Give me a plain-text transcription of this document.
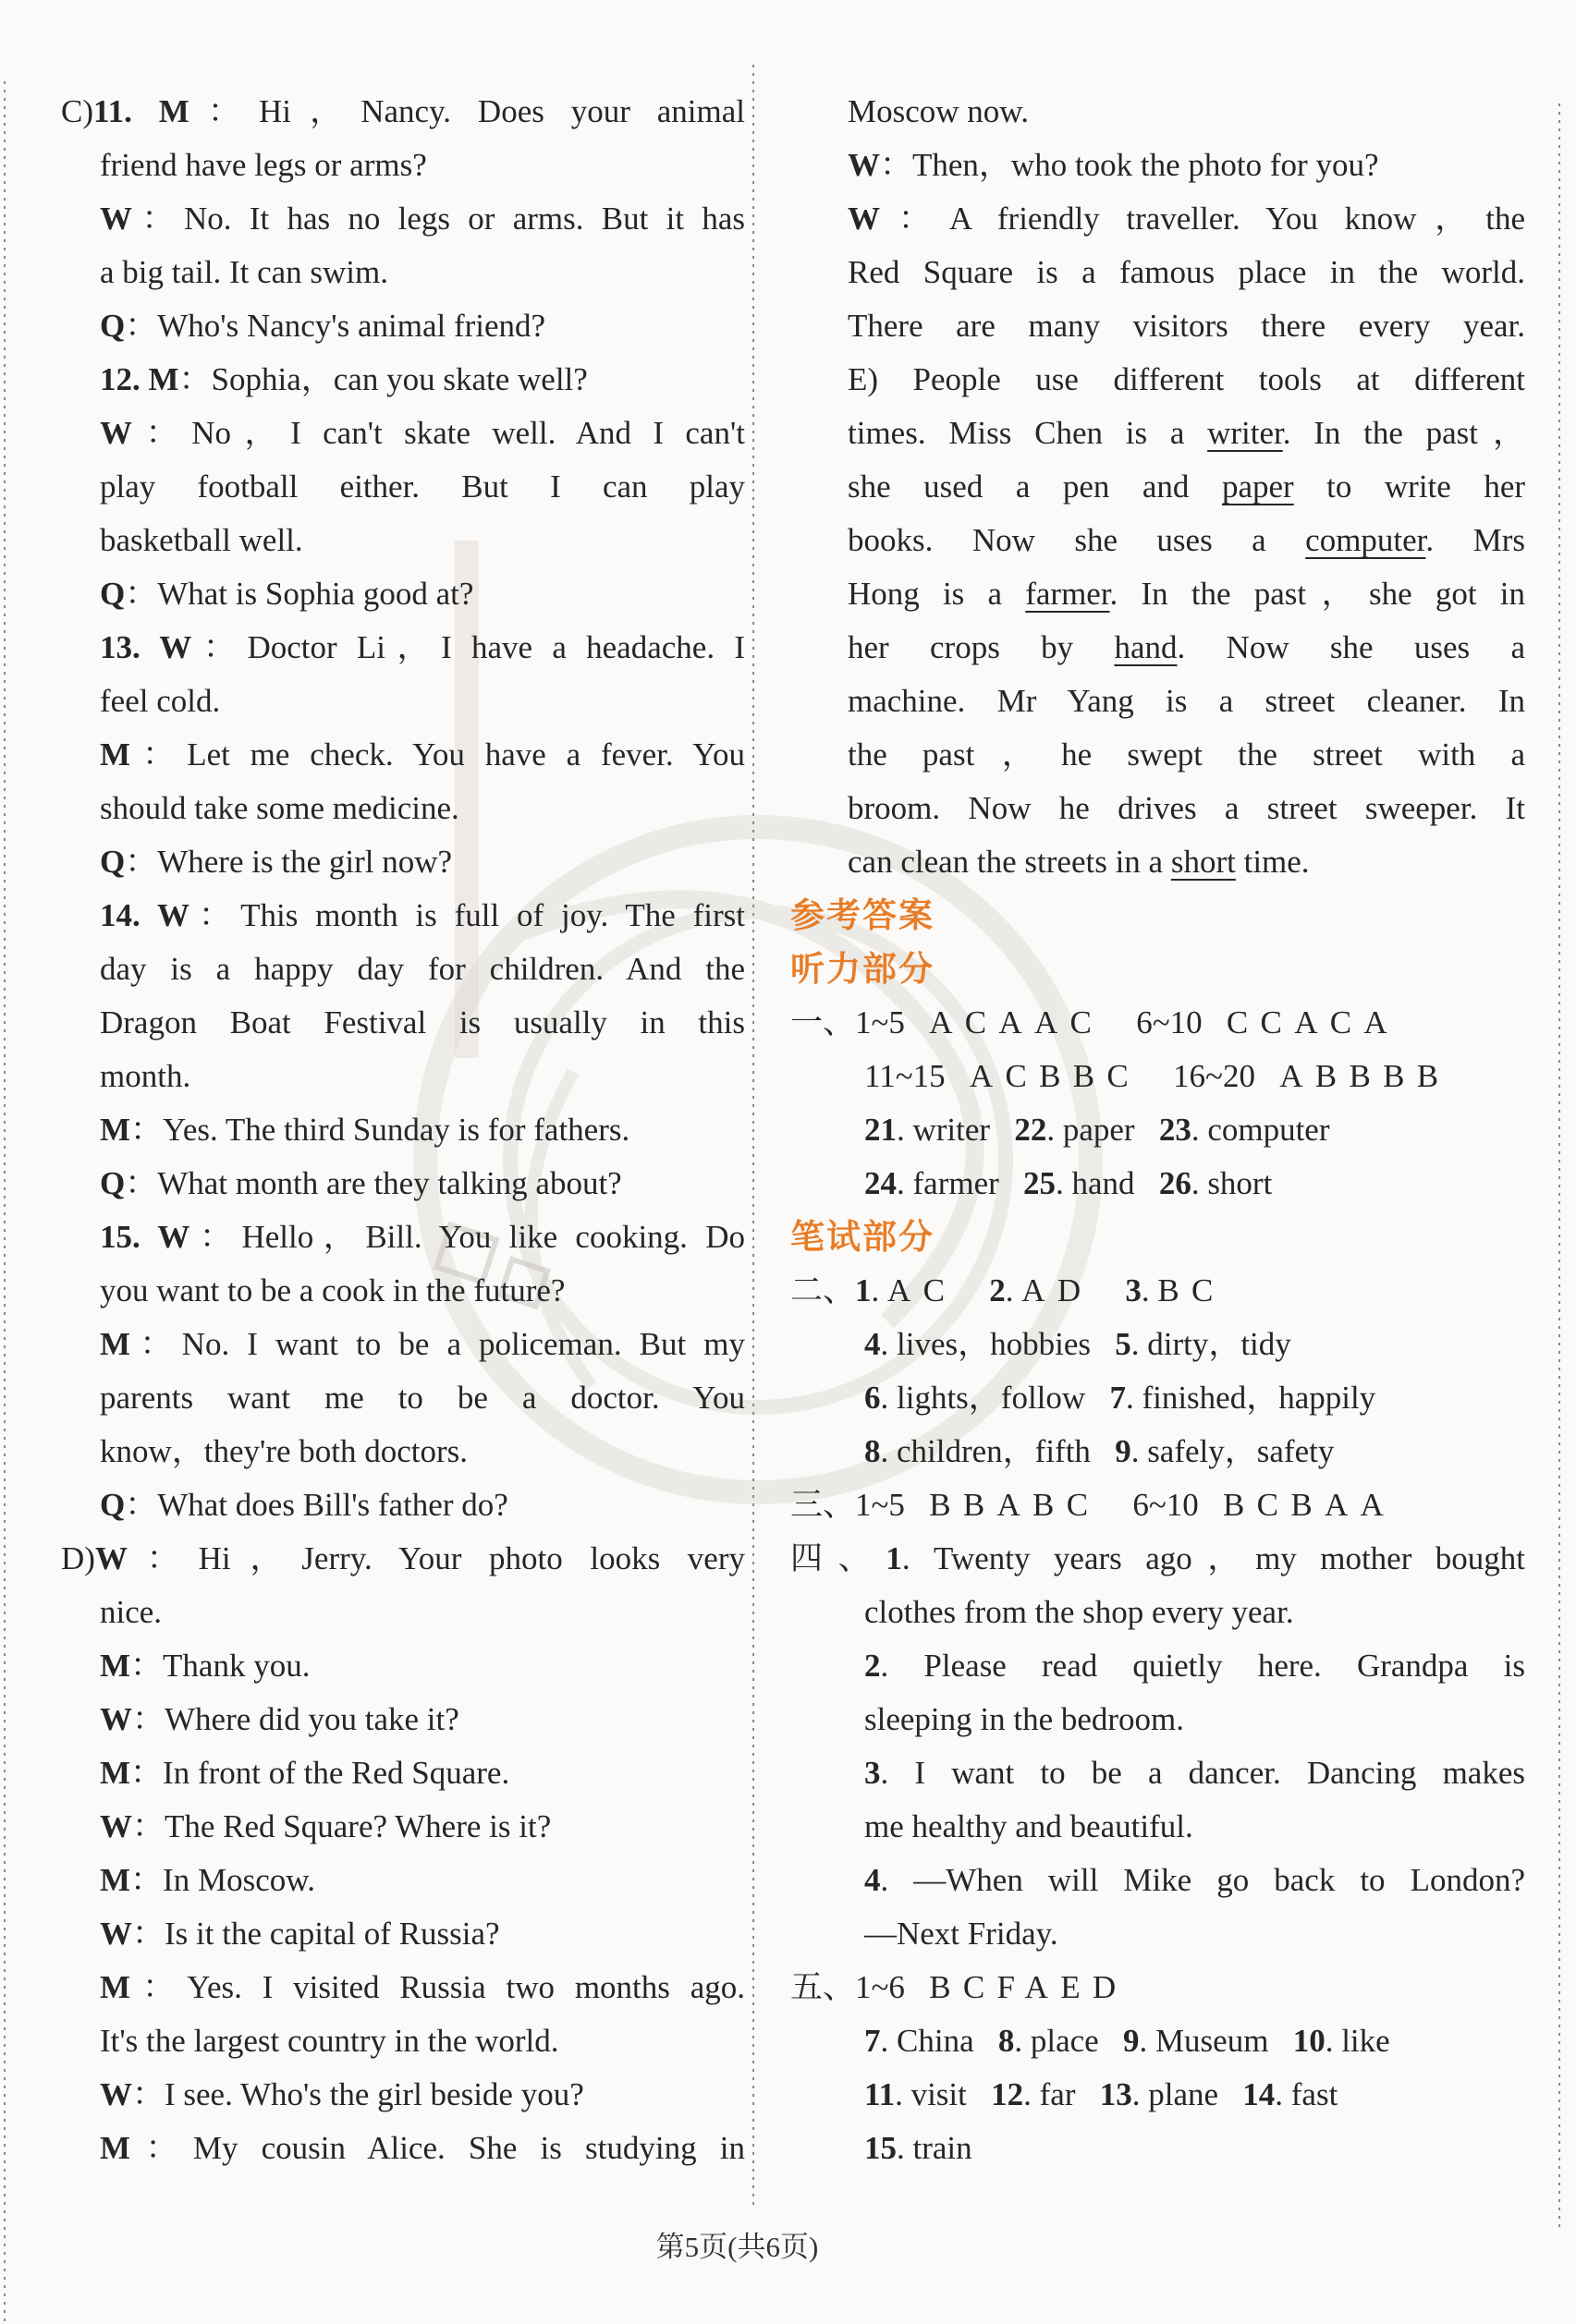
C)11. M：Hi，Nancy. Does your animal
friend have legs or arms?
W：No. It has no legs or arms. But it has
a big tail. It can swim.
Q：Who's Nancy's animal friend?
12. M：Sophia，can you skate well?
W：No，I can't skate well. And I can't
play football either. But I can play
basketball well.
Q：What is Sophia good at?
13. W：Doctor Li，I have a headache. I
feel cold.
M：Let me check. You have a fever. You
should take some medicine.
Q：Where is the girl now?
14. W：This month is full of joy. The first
day is a happy day for children. And the
Dragon Boat Festival is usually in this
month.
M：Yes. The third Sunday is for fathers.
Q：What month are they talking about?
15. W：Hello，Bill. You like cooking. Do
you want to be a cook in the future?
M：No. I want to be a policeman. But my
parents want me to be a doctor. You
know，they're both doctors.
Q：What does Bill's father do?
D)W：Hi，Jerry. Your photo looks very
nice.
M：Thank you.
W：Where did you take it?
M：In front of the Red Square.
W：The Red Square? Where is it?
M：In Moscow.
W：Is it the capital of Russia?
M：Yes. I visited Russia two months ago.
It's the largest country in the world.
W：I see. Who's the girl beside you?
M：My cousin Alice. She is studying in
Moscow now.
W：Then，who took the photo for you?
W：A friendly traveller. You know，the
Red Square is a famous place in the world.
There are many visitors there every year.
E) People use different tools at different
times. Miss Chen is a writer. In the past，
she used a pen and paper to write her
books. Now she uses a computer. Mrs
Hong is a farmer. In the past，she got in
her crops by hand. Now she uses a
machine. Mr Yang is a street cleaner. In
the past，he swept the street with a
broom. Now he drives a street sweeper. It
can clean the streets in a short time.
参考答案
听力部分
一、1~5   ACAAC    6~10   CCACA
11~15   ACBBC    16~20   ABBBB
21. writer   22. paper   23. computer
24. farmer   25. hand   26. short
笔试部分
二、1. AC 2. AD 3. BC
4. lives，hobbies   5. dirty，tidy
6. lights，follow   7. finished，happily
8. children，fifth   9. safely，safety
三、1~5   BBABC    6~10   BCBAA
四、1. Twenty years ago，my mother bought
clothes from the shop every year.
2. Please read quietly here. Grandpa is
sleeping in the bedroom.
3. I want to be a dancer. Dancing makes
me healthy and beautiful.
4. —When will Mike go back to London?
—Next Friday.
五、1~6   BCFAED
7. China   8. place   9. Museum   10. like
11. visit   12. far   13. plane   14. fast
15. train
第5页(共6页)
